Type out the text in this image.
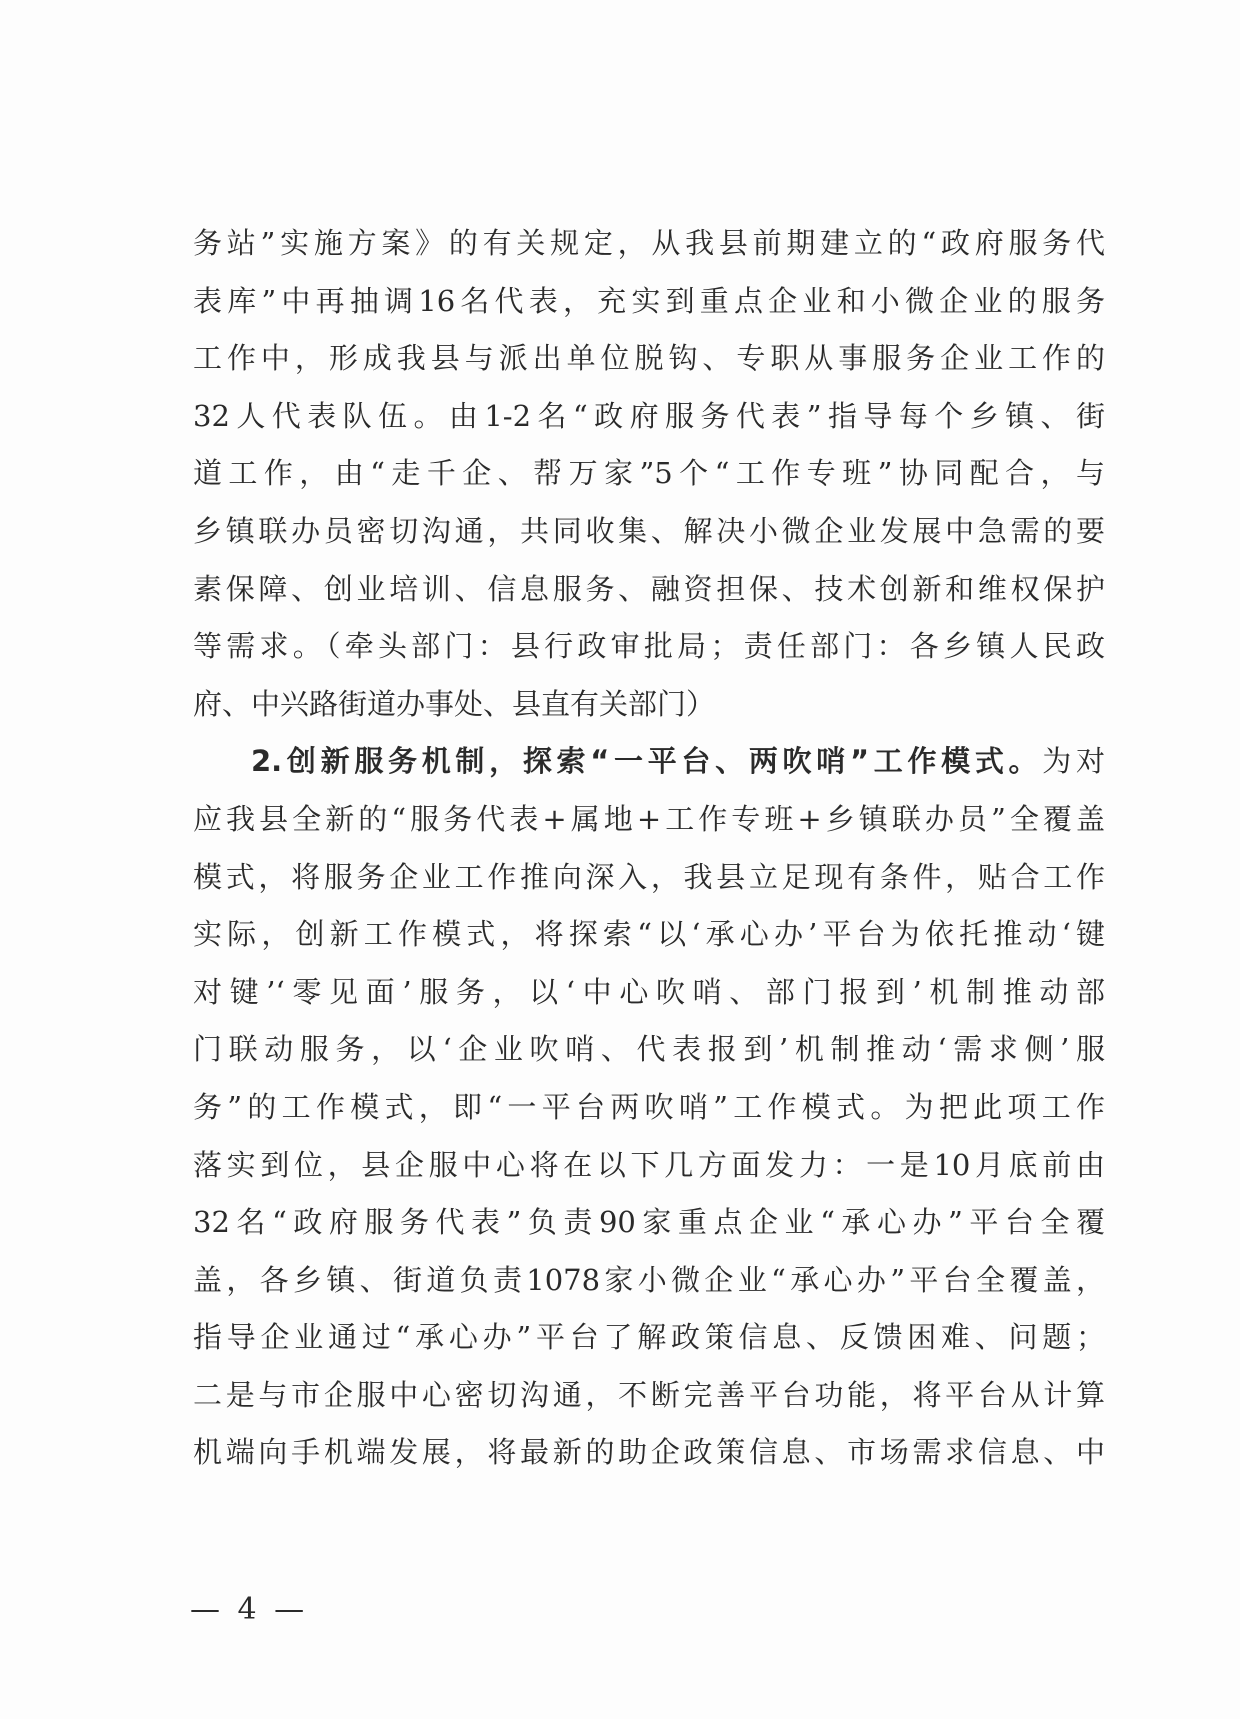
务站”实施方案》的有关规定，从我县前期建立的“政府服务代
表库”中再抽调16名代表，充实到重点企业和小微企业的服务
工作中，形成我县与派出单位脱钩、专职从事服务企业工作的
32人代表队伍。由1-2名“政府服务代表”指导每个乡镇、街
道工作，由“走千企、帮万家”5个“工作专班”协同配合，与
乡镇联办员密切沟通，共同收集、解决小微企业发展中急需的要
素保障、创业培训、信息服务、融资担保、技术创新和维权保护
等需求。（牵头部门：县行政审批局；责任部门：各乡镇人民政
府、中兴路街道办事处、县直有关部门）
2.创新服务机制，探索“一平台、两吹哨”工作模式。为对
应我县全新的“服务代表+属地+工作专班+乡镇联办员”全覆盖
模式，将服务企业工作推向深入，我县立足现有条件，贴合工作
实际，创新工作模式，将探索“以‘承心办’平台为依托推动‘键
对键’‘零见面’服务，以‘中心吹哨、部门报到’机制推动部
门联动服务，以‘企业吹哨、代表报到’机制推动‘需求侧’服
务”的工作模式，即“一平台两吹哨”工作模式。为把此项工作
落实到位，县企服中心将在以下几方面发力：一是10月底前由
32名“政府服务代表”负责90家重点企业“承心办”平台全覆
盖，各乡镇、街道负责1078家小微企业“承心办”平台全覆盖，
指导企业通过“承心办”平台了解政策信息、反馈困难、问题；
二是与市企服中心密切沟通，不断完善平台功能，将平台从计算
机端向手机端发展，将最新的助企政策信息、市场需求信息、中
— 4 —
